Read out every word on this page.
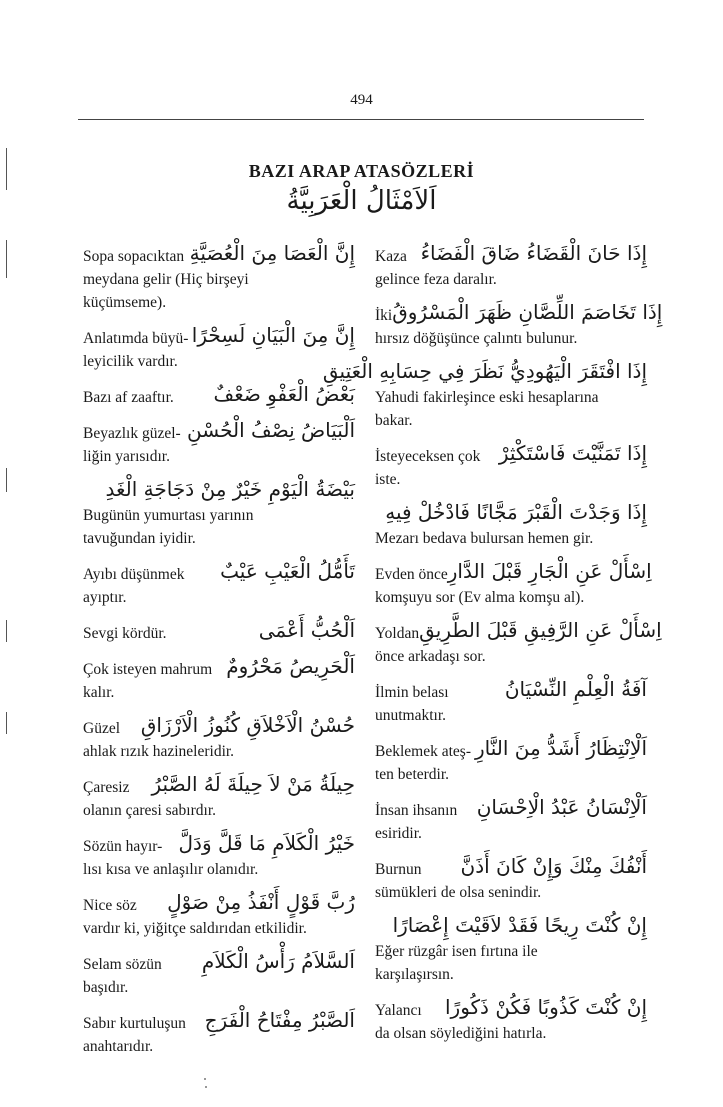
494
BAZI ARAP ATASÖZLERİ
اَلاَمْثَالُ الْعَرَبِيَّةُ
Sopa sopacıktan إِنَّ الْعَصَا مِنَ الْعُصَيَّةِ
meydana gelir (Hiç birşeyi
küçümseme).
Anlatımda büyü- إِنَّ مِنَ الْبَيَانِ لَسِحْرًا
leyicilik vardır.
Bazı af zaaftır. بَعْضُ الْعَفْوِ ضَعْفٌ
Beyazlık güzel- اَلْبَيَاضُ نِصْفُ الْحُسْنِ
liğin yarısıdır.
بَيْضَةُ الْيَوْمِ خَيْرٌ مِنْ دَجَاجَةِ الْغَدِ
Bugünün yumurtası yarının
tavuğundan iyidir.
Ayıbı düşünmek تَأَمُّلُ الْعَيْبِ عَيْبٌ
ayıptır.
Sevgi kördür.	اَلْحُبُّ أَعْمَى
Çok isteyen mahrum اَلْحَرِيصُ مَحْرُومٌ
kalır.
Güzel حُسْنُ الْاَخْلاَقِ كُنُوزُ الْاَرْزَاقِ
ahlak rızık hazineleridir.
Çaresiz حِيلَةُ مَنْ لاَ حِيلَةَ لَهُ الصَّبْرُ
olanın çaresi sabırdır.
Sözün hayır- خَيْرُ الْكَلاَمِ مَا قَلَّ وَدَلَّ
lısı kısa ve anlaşılır olanıdır.
Nice söz رُبَّ قَوْلٍ أَنْفَذُ مِنْ صَوْلٍ
vardır ki, yiğitçe saldırıdan etkilidir.
Selam sözün اَلسَّلاَمُ رَأْسُ الْكَلاَمِ
başıdır.
Sabır kurtuluşun اَلصَّبْرُ مِفْتَاحُ الْفَرَجِ
anahtarıdır.
Kaza إِذَا حَانَ الْقَضَاءُ ضَاقَ الْفَضَاءُ
gelince feza daralır.
İki إِذَا تَخَاصَمَ اللِّصَّانِ ظَهَرَ الْمَسْرُوقُ
hırsız döğüşünce çalıntı bulunur.
إِذَا افْتَقَرَ الْيَهُودِيُّ نَظَرَ فِي حِسَابِهِ الْعَتِيقِ
Yahudi fakirleşince eski hesaplarına
bakar.
İsteyeceksen çok إِذَا تَمَنَّيْتَ فَاسْتَكْثِرْ
iste.
إِذَا وَجَدْتَ الْقَبْرَ مَجَّانًا فَادْخُلْ فِيهِ
Mezarı bedava bulursan hemen gir.
Evden önce اِسْأَلْ عَنِ الْجَارِ قَبْلَ الدَّارِ
komşuyu sor (Ev alma komşu al).
Yoldan اِسْأَلْ عَنِ الرَّفِيقِ قَبْلَ الطَّرِيقِ
önce arkadaşı sor.
İlmin belası	آفَةُ الْعِلْمِ النِّسْيَانُ
unutmaktır.
Beklemek ateş- اَلْاِنْتِظَارُ أَشَدُّ مِنَ النَّارِ
ten beterdir.
İnsan ihsanın اَلْاِنْسَانُ عَبْدُ الْاِحْسَانِ
esiridir.
Burnun أَنْفُكَ مِنْكَ وَإِنْ كَانَ أَذَنَّ
sümükleri de olsa senindir.
إِنْ كُنْتَ رِيحًا فَقَدْ لاَقَيْتَ إِعْصَارًا
Eğer rüzgâr isen fırtına ile
karşılaşırsın.
Yalancı إِنْ كُنْتَ كَذُوبًا فَكُنْ ذَكُورًا
da olsan söylediğini hatırla.
